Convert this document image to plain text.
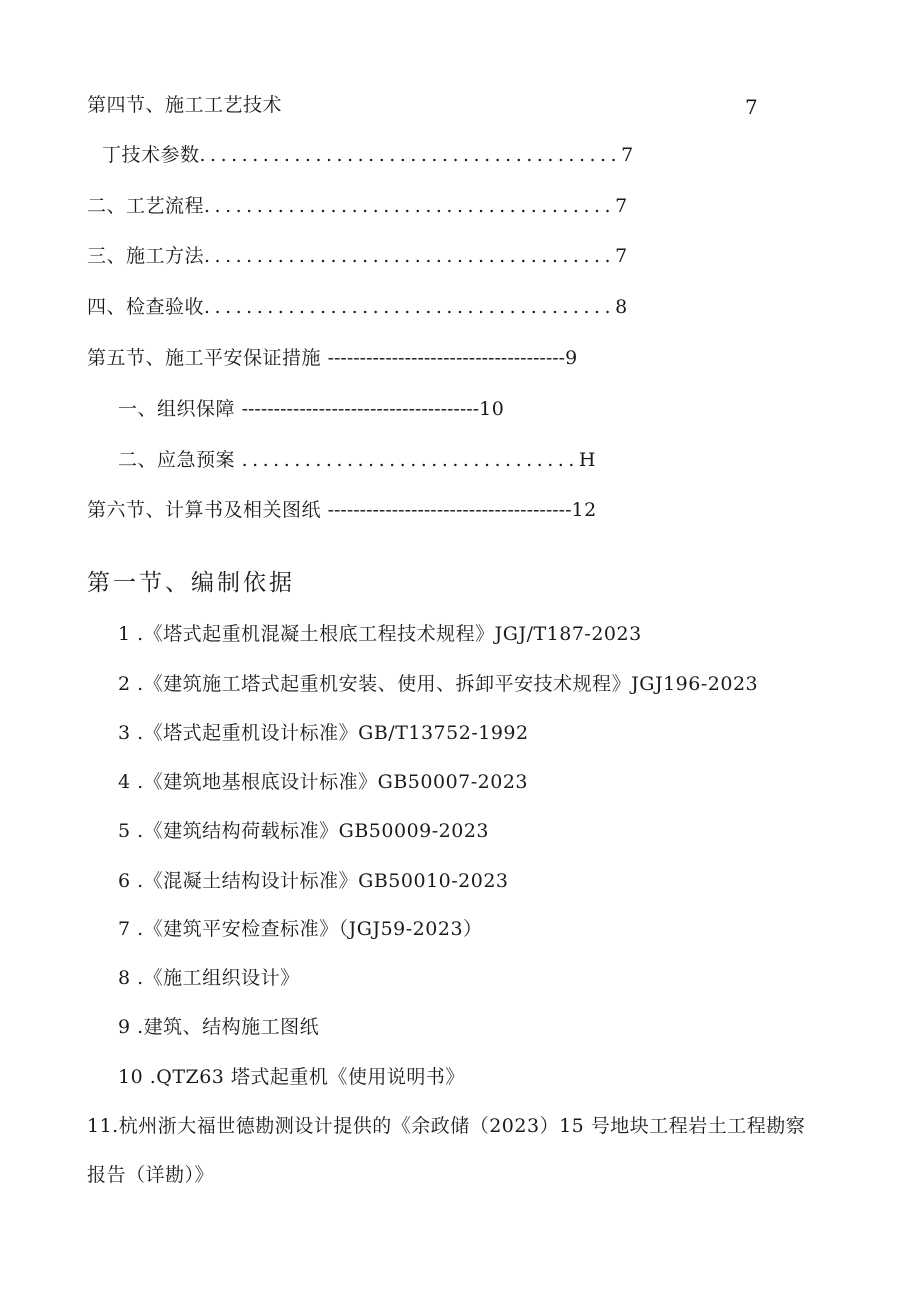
第四节、施工工艺技术	7
丁技术参数........................................7
二、工艺流程.......................................7
三、施工方法.......................................7
四、检查验收.......................................8
第五节、施工平安保证措施 -------------------------------------9
一、组织保障 -------------------------------------10
二、应急预案 ................................H
第六节、计算书及相关图纸 --------------------------------------12
第一节、编制依据
1 .《塔式起重机混凝土根底工程技术规程》JGJ/T187-2023
2 .《建筑施工塔式起重机安装、使用、拆卸平安技术规程》JGJ196-2023
3 .《塔式起重机设计标准》GB/T13752-1992
4 .《建筑地基根底设计标准》GB50007-2023
5 .《建筑结构荷载标准》GB50009-2023
6 .《混凝土结构设计标准》GB50010-2023
7 .《建筑平安检查标准》（JGJ59-2023）
8 .《施工组织设计》
9 .建筑、结构施工图纸
10 .QTZ63 塔式起重机《使用说明书》
11.杭州浙大福世德勘测设计提供的《余政储（2023）15 号地块工程岩土工程勘察
报告（详勘）》
